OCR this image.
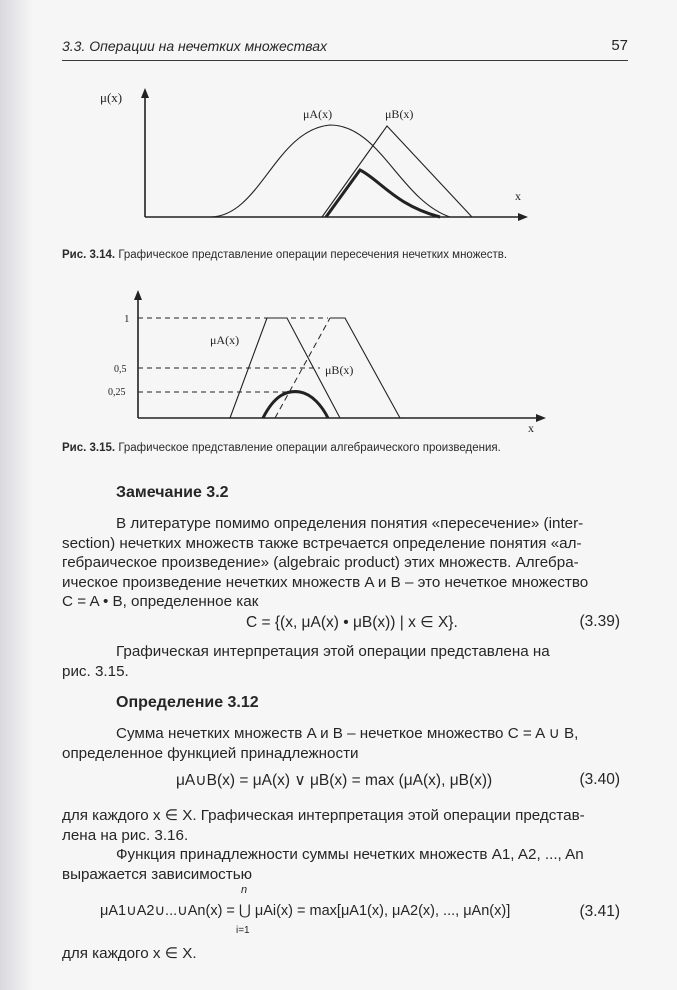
3.3. Операции на нечетких множествах	57
μ(x)
x
μA(x)	μB(x)
Рис. 3.14. Графическое представление операции пересечения нечетких множеств.
1
0,5
0,25
x
μA(x)
μB(x)
Рис. 3.15. Графическое представление операции алгебраического произведения.
Замечание 3.2
В литературе помимо определения понятия «пересечение» (inter-
section) нечетких множеств также встречается определение понятия «ал-
гебраическое произведение» (algebraic product) этих множеств. Алгебра-
ическое произведение нечетких множеств A и B – это нечеткое множество
C = A • B, определенное как
C = {(x, μA(x) • μB(x)) | x ∈ X}.	(3.39)
Графическая интерпретация этой операции представлена на
рис. 3.15.
Определение 3.12
Сумма нечетких множеств A и B – нечеткое множество C = A ∪ B,
определенное функцией принадлежности
μA∪B(x) = μA(x) ∨ μB(x) = max (μA(x), μB(x))	(3.40)
для каждого x ∈ X. Графическая интерпретация этой операции представ-
лена на рис. 3.16.
Функция принадлежности суммы нечетких множеств A1, A2, ..., An
выражается зависимостью
n
μA1∪A2∪...∪An(x) = ⋃ μAi(x) = max[μA1(x), μA2(x), ..., μAn(x)]
i=1
(3.41)
для каждого x ∈ X.
